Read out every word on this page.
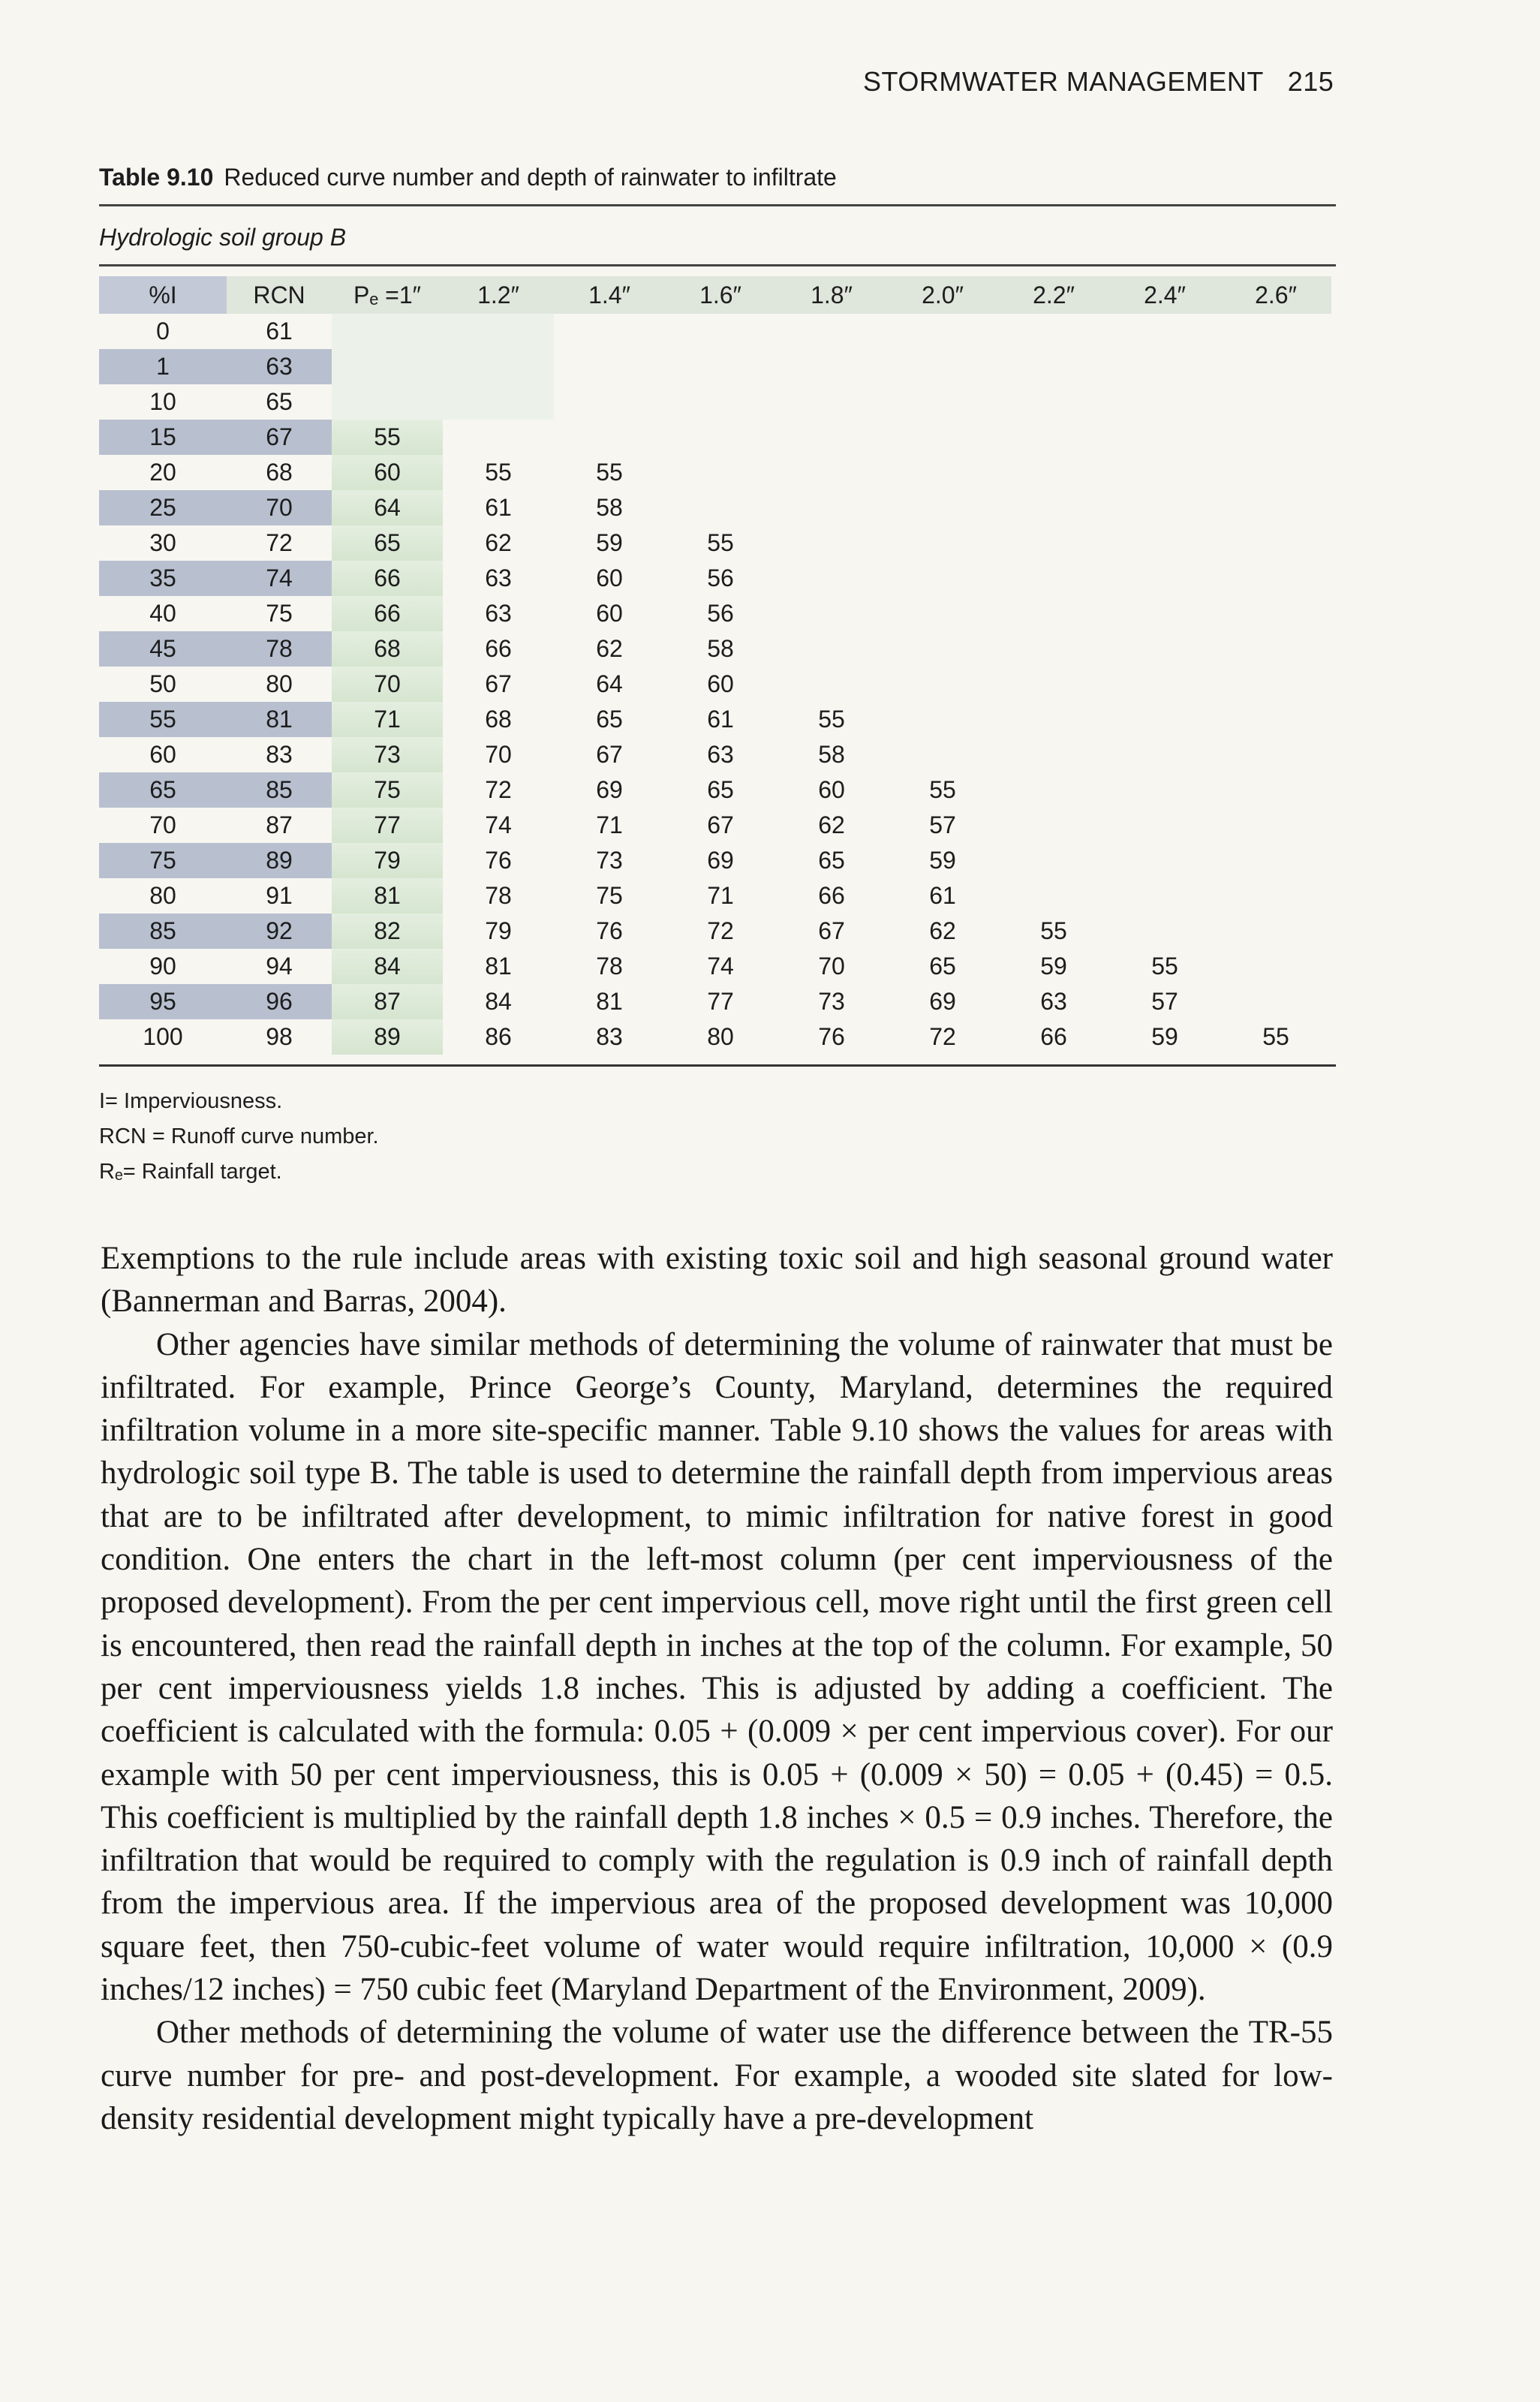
STORMWATER MANAGEMENT 215
Table 9.10 Reduced curve number and depth of rainwater to infiltrate
Hydrologic soil group B
%I	RCN	Pₑ =1″	1.2″	1.4″	1.6″	1.8″	2.0″	2.2″	2.4″	2.6″
0	61									
1	63									
10	65									
15	67	55								
20	68	60	55	55						
25	70	64	61	58						
30	72	65	62	59	55					
35	74	66	63	60	56					
40	75	66	63	60	56					
45	78	68	66	62	58					
50	80	70	67	64	60					
55	81	71	68	65	61	55				
60	83	73	70	67	63	58				
65	85	75	72	69	65	60	55			
70	87	77	74	71	67	62	57			
75	89	79	76	73	69	65	59			
80	91	81	78	75	71	66	61			
85	92	82	79	76	72	67	62	55		
90	94	84	81	78	74	70	65	59	55	
95	96	87	84	81	77	73	69	63	57	
100	98	89	86	83	80	76	72	66	59	55
I= Imperviousness.
RCN = Runoff curve number.
Rₑ= Rainfall target.

Exemptions to the rule include areas with existing toxic soil and high seasonal ground water (Bannerman and Barras, 2004).

Other agencies have similar methods of determining the volume of rainwater that must be infiltrated. For example, Prince George’s County, Maryland, determines the required infiltration volume in a more site-specific manner. Table 9.10 shows the values for areas with hydrologic soil type B. The table is used to determine the rainfall depth from impervious areas that are to be infiltrated after development, to mimic infiltration for native forest in good condition. One enters the chart in the left-most column (per cent imperviousness of the proposed development). From the per cent impervious cell, move right until the first green cell is encountered, then read the rainfall depth in inches at the top of the column. For example, 50 per cent imperviousness yields 1.8 inches. This is adjusted by adding a coefficient. The coefficient is calculated with the formula: 0.05 + (0.009 × per cent impervious cover). For our example with 50 per cent imperviousness, this is 0.05 + (0.009 × 50) = 0.05 + (0.45) = 0.5. This coefficient is multiplied by the rainfall depth 1.8 inches × 0.5 = 0.9 inches. Therefore, the infiltration that would be required to comply with the regulation is 0.9 inch of rainfall depth from the impervious area. If the impervious area of the proposed development was 10,000 square feet, then 750-cubic-feet volume of water would require infiltration, 10,000 × (0.9 inches/12 inches) = 750 cubic feet (Maryland Department of the Environment, 2009).

Other methods of determining the volume of water use the difference between the TR-55 curve number for pre- and post-development. For example, a wooded site slated for low-density residential development might typically have a pre-development
